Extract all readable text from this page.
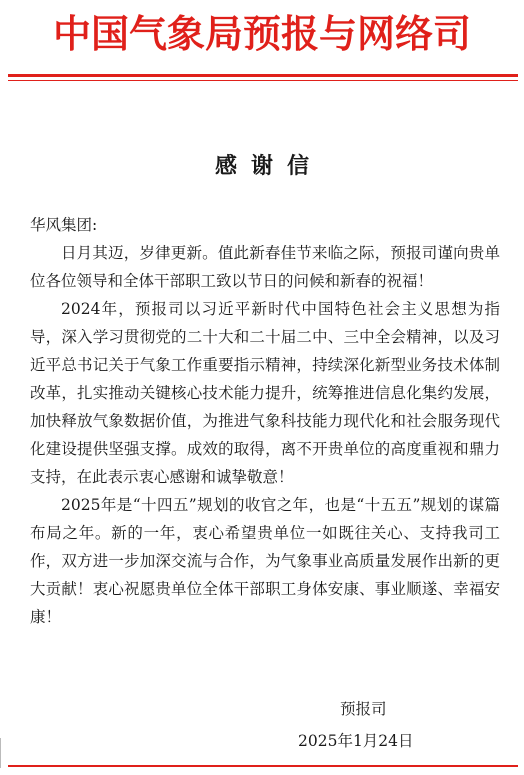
中国气象局预报与网络司
感谢信

华风集团:

日月其迈，岁律更新。值此新春佳节来临之际，预报司谨向贵单位各位领导和全体干部职工致以节日的问候和新春的祝福！

2024年，预报司以习近平新时代中国特色社会主义思想为指导，深入学习贯彻党的二十大和二十届二中、三中全会精神，以及习近平总书记关于气象工作重要指示精神，持续深化新型业务技术体制改革，扎实推动关键核心技术能力提升，统筹推进信息化集约发展，加快释放气象数据价值，为推进气象科技能力现代化和社会服务现代化建设提供坚强支撑。成效的取得，离不开贵单位的高度重视和鼎力支持，在此表示衷心感谢和诚挚敬意！

2025年是“十四五”规划的收官之年，也是“十五五”规划的谋篇布局之年。新的一年，衷心希望贵单位一如既往关心、支持我司工作，双方进一步加深交流与合作，为气象事业高质量发展作出新的更大贡献！衷心祝愿贵单位全体干部职工身体安康、事业顺遂、幸福安康！

预报司
2025年1月24日
